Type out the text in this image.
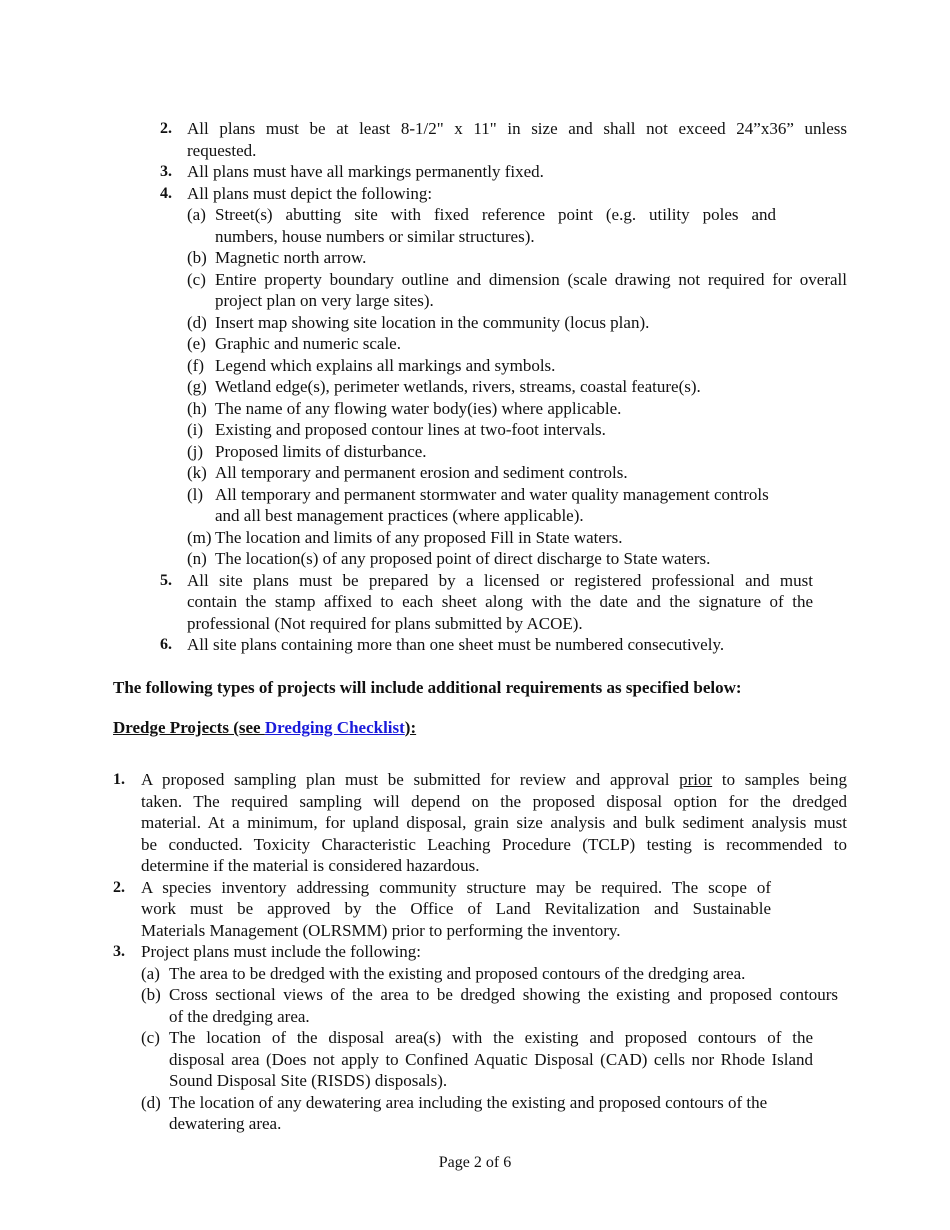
2. All plans must be at least 8-1/2" x 11" in size and shall not exceed 24”x36” unless
requested.
3. All plans must have all markings permanently fixed.
4. All plans must depict the following:
(a) Street(s) abutting site with fixed reference point (e.g. utility poles and
numbers, house numbers or similar structures).
(b) Magnetic north arrow.
(c) Entire property boundary outline and dimension (scale drawing not required for overall
project plan on very large sites).
(d) Insert map showing site location in the community (locus plan).
(e) Graphic and numeric scale.
(f) Legend which explains all markings and symbols.
(g) Wetland edge(s), perimeter wetlands, rivers, streams, coastal feature(s).
(h) The name of any flowing water body(ies) where applicable.
(i) Existing and proposed contour lines at two-foot intervals.
(j) Proposed limits of disturbance.
(k) All temporary and permanent erosion and sediment controls.
(l) All temporary and permanent stormwater and water quality management controls
and all best management practices (where applicable).
(m) The location and limits of any proposed Fill in State waters.
(n) The location(s) of any proposed point of direct discharge to State waters.
5. All site plans must be prepared by a licensed or registered professional and must
contain the stamp affixed to each sheet along with the date and the signature of the
professional (Not required for plans submitted by ACOE).
6. All site plans containing more than one sheet must be numbered consecutively.
The following types of projects will include additional requirements as specified below:
Dredge Projects (see Dredging Checklist):
1. A proposed sampling plan must be submitted for review and approval prior to samples being
taken. The required sampling will depend on the proposed disposal option for the dredged
material. At a minimum, for upland disposal, grain size analysis and bulk sediment analysis must
be conducted. Toxicity Characteristic Leaching Procedure (TCLP) testing is recommended to
determine if the material is considered hazardous.
2. A species inventory addressing community structure may be required. The scope of
work must be approved by the Office of Land Revitalization and Sustainable
Materials Management (OLRSMM) prior to performing the inventory.
3. Project plans must include the following:
(a) The area to be dredged with the existing and proposed contours of the dredging area.
(b) Cross sectional views of the area to be dredged showing the existing and proposed contours
of the dredging area.
(c) The location of the disposal area(s) with the existing and proposed contours of the
disposal area (Does not apply to Confined Aquatic Disposal (CAD) cells nor Rhode Island
Sound Disposal Site (RISDS) disposals).
(d) The location of any dewatering area including the existing and proposed contours of the
dewatering area.
Page 2 of 6
